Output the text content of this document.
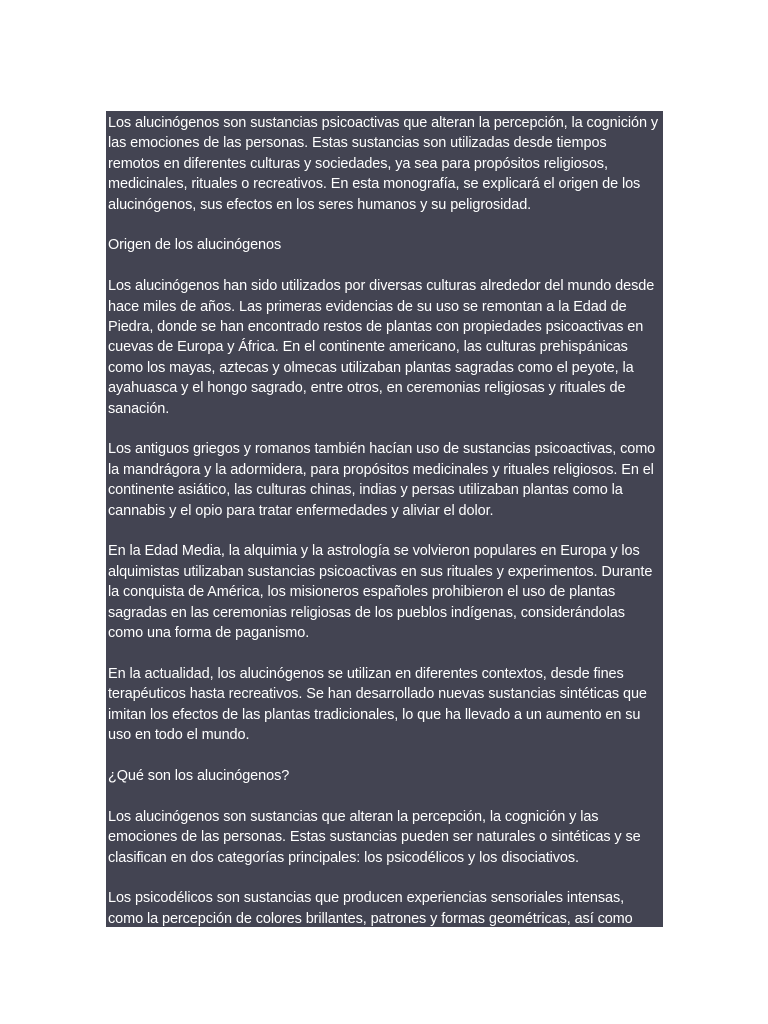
Los alucinógenos son sustancias psicoactivas que alteran la percepción, la cognición y las emociones de las personas. Estas sustancias son utilizadas desde tiempos remotos en diferentes culturas y sociedades, ya sea para propósitos religiosos, medicinales, rituales o recreativos. En esta monografía, se explicará el origen de los alucinógenos, sus efectos en los seres humanos y su peligrosidad.

Origen de los alucinógenos

Los alucinógenos han sido utilizados por diversas culturas alrededor del mundo desde hace miles de años. Las primeras evidencias de su uso se remontan a la Edad de Piedra, donde se han encontrado restos de plantas con propiedades psicoactivas en cuevas de Europa y África. En el continente americano, las culturas prehispánicas como los mayas, aztecas y olmecas utilizaban plantas sagradas como el peyote, la ayahuasca y el hongo sagrado, entre otros, en ceremonias religiosas y rituales de sanación.

Los antiguos griegos y romanos también hacían uso de sustancias psicoactivas, como la mandrágora y la adormidera, para propósitos medicinales y rituales religiosos. En el continente asiático, las culturas chinas, indias y persas utilizaban plantas como la cannabis y el opio para tratar enfermedades y aliviar el dolor.

En la Edad Media, la alquimia y la astrología se volvieron populares en Europa y los alquimistas utilizaban sustancias psicoactivas en sus rituales y experimentos. Durante la conquista de América, los misioneros españoles prohibieron el uso de plantas sagradas en las ceremonias religiosas de los pueblos indígenas, considerándolas como una forma de paganismo.

En la actualidad, los alucinógenos se utilizan en diferentes contextos, desde fines terapéuticos hasta recreativos. Se han desarrollado nuevas sustancias sintéticas que imitan los efectos de las plantas tradicionales, lo que ha llevado a un aumento en su uso en todo el mundo.

¿Qué son los alucinógenos?

Los alucinógenos son sustancias que alteran la percepción, la cognición y las emociones de las personas. Estas sustancias pueden ser naturales o sintéticas y se clasifican en dos categorías principales: los psicodélicos y los disociativos.

Los psicodélicos son sustancias que producen experiencias sensoriales intensas, como la percepción de colores brillantes, patrones y formas geométricas, así como
